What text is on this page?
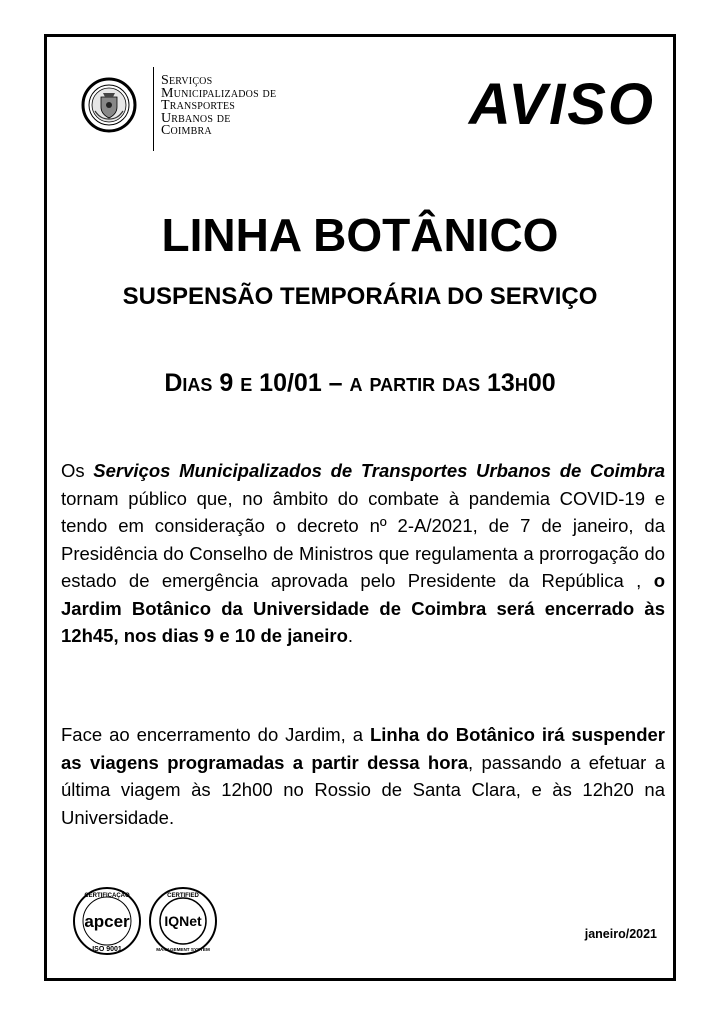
Serviços
Municipalizados de
Transportes
Urbanos de
Coimbra	AVISO
LINHA BOTÂNICO
SUSPENSÃO TEMPORÁRIA DO SERVIÇO
Dias 9 e 10/01 – a partir das 13h00
Os Serviços Municipalizados de Transportes Urbanos de Coimbra tornam público que, no âmbito do combate à pandemia COVID-19 e tendo em consideração o decreto nº 2-A/2021, de 7 de janeiro, da Presidência do Conselho de Ministros que regulamenta a prorrogação do estado de emergência aprovada pelo Presidente da República , o Jardim Botânico da Universidade de Coimbra será encerrado às 12h45, nos dias 9 e 10 de janeiro.
Face ao encerramento do Jardim, a Linha do Botânico irá suspender as viagens programadas a partir dessa hora, passando a efetuar a última viagem às 12h00 no Rossio de Santa Clara, e às 12h20 na Universidade.
CERTIFICAÇÃO
apcer
ISO 9001
CERTIFIED
IQNet
MANAGEMENT SYSTEM
janeiro/2021
